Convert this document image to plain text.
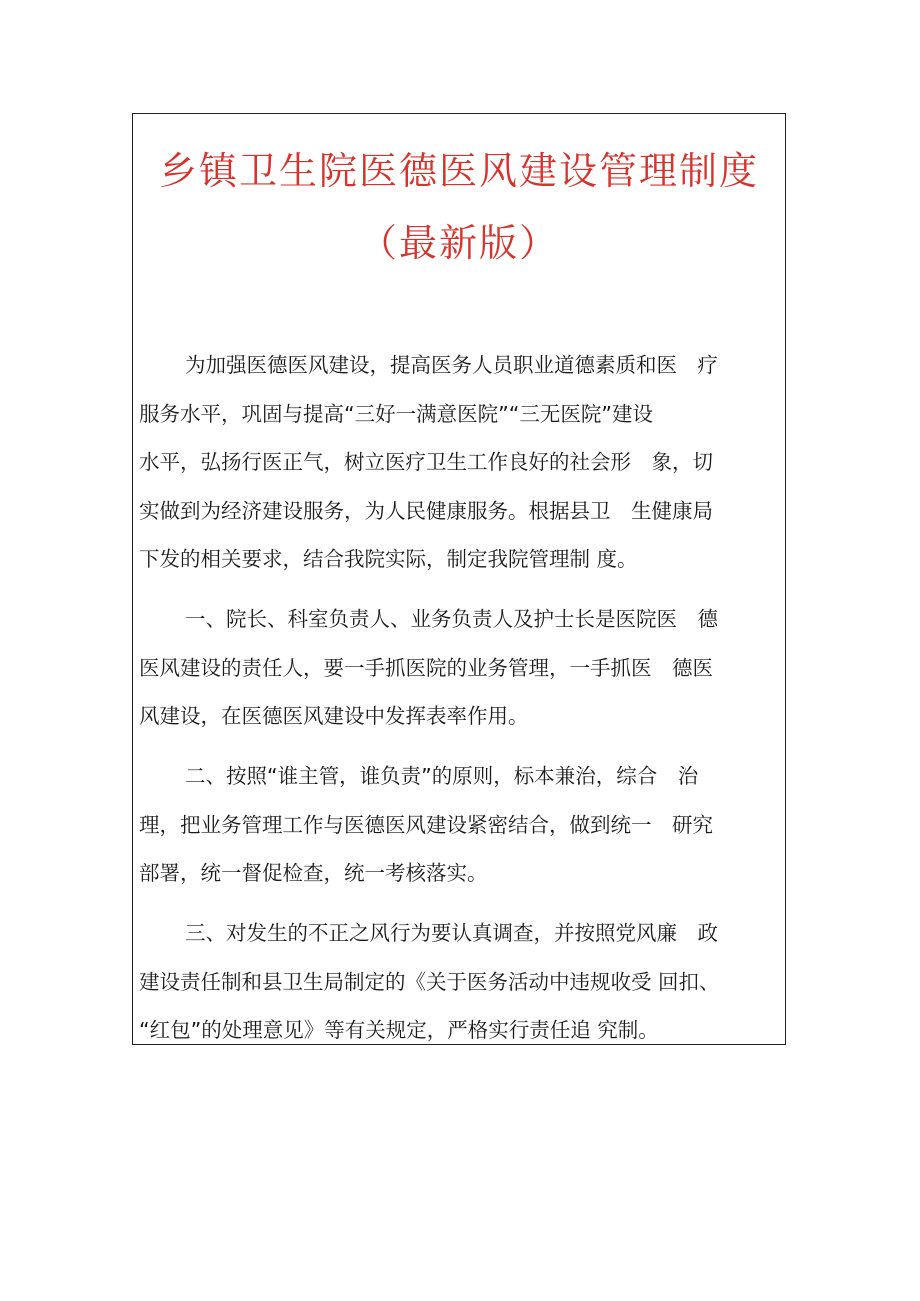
乡镇卫生院医德医风建设管理制度
（最新版）
为加强医德医风建设，提高医务人员职业道德素质和医　疗
服务水平，巩固与提高“三好一满意医院”“三无医院”建设
水平，弘扬行医正气，树立医疗卫生工作良好的社会形　象，切
实做到为经济建设服务，为人民健康服务。根据县卫　生健康局
下发的相关要求，结合我院实际，制定我院管理制 度。
一、院长、科室负责人、业务负责人及护士长是医院医　德
医风建设的责任人，要一手抓医院的业务管理，一手抓医　德医
风建设，在医德医风建设中发挥表率作用。
二、按照“谁主管，谁负责”的原则，标本兼治，综合　治
理，把业务管理工作与医德医风建设紧密结合，做到统一　研究
部署，统一督促检查，统一考核落实。
三、对发生的不正之风行为要认真调查，并按照党风廉　政
建设责任制和县卫生局制定的《关于医务活动中违规收受 回扣、
“红包”的处理意见》等有关规定，严格实行责任追 究制。
